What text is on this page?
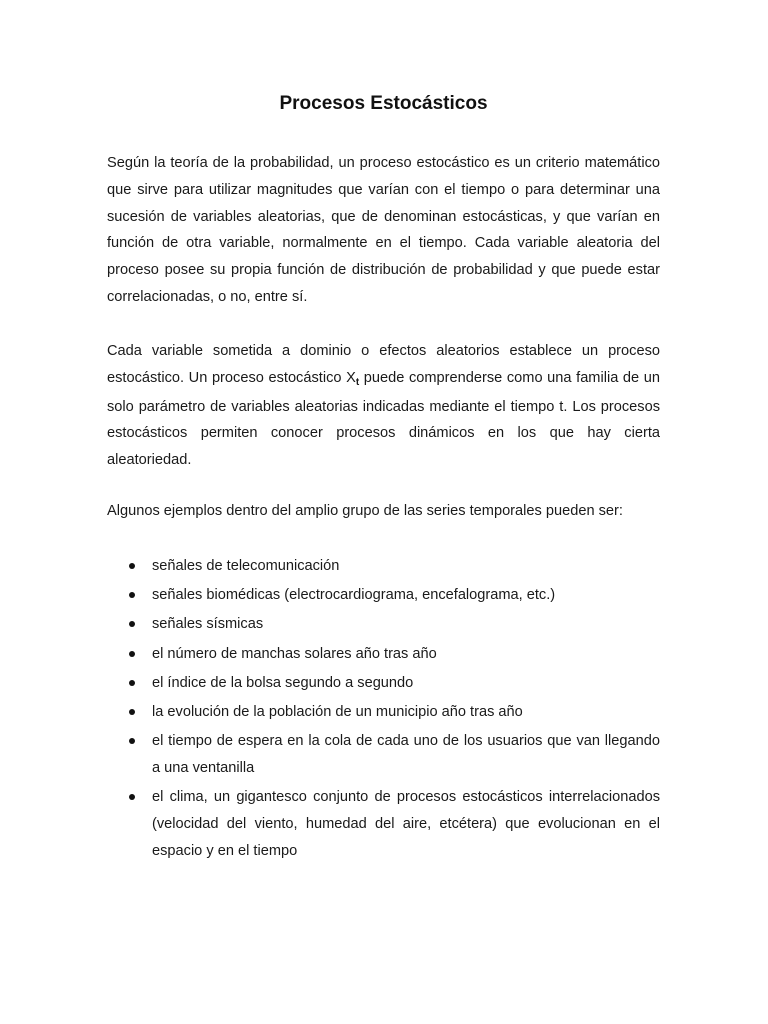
Procesos Estocásticos

Según la teoría de la probabilidad, un proceso estocástico es un criterio matemático que sirve para utilizar magnitudes que varían con el tiempo o para determinar una sucesión de variables aleatorias, que de denominan estocásticas, y que varían en función de otra variable, normalmente en el tiempo. Cada variable aleatoria del proceso posee su propia función de distribución de probabilidad y que puede estar correlacionadas, o no, entre sí.

Cada variable sometida a dominio o efectos aleatorios establece un proceso estocástico. Un proceso estocástico $X_t$ puede comprenderse como una familia de un solo parámetro de variables aleatorias indicadas mediante el tiempo t. Los procesos estocásticos permiten conocer procesos dinámicos en los que hay cierta aleatoriedad.

Algunos ejemplos dentro del amplio grupo de las series temporales pueden ser:

señales de telecomunicación
señales biomédicas (electrocardiograma, encefalograma, etc.)
señales sísmicas
el número de manchas solares año tras año
el índice de la bolsa segundo a segundo
la evolución de la población de un municipio año tras año
el tiempo de espera en la cola de cada uno de los usuarios que van llegando a una ventanilla
el clima, un gigantesco conjunto de procesos estocásticos interrelacionados (velocidad del viento, humedad del aire, etcétera) que evolucionan en el espacio y en el tiempo
